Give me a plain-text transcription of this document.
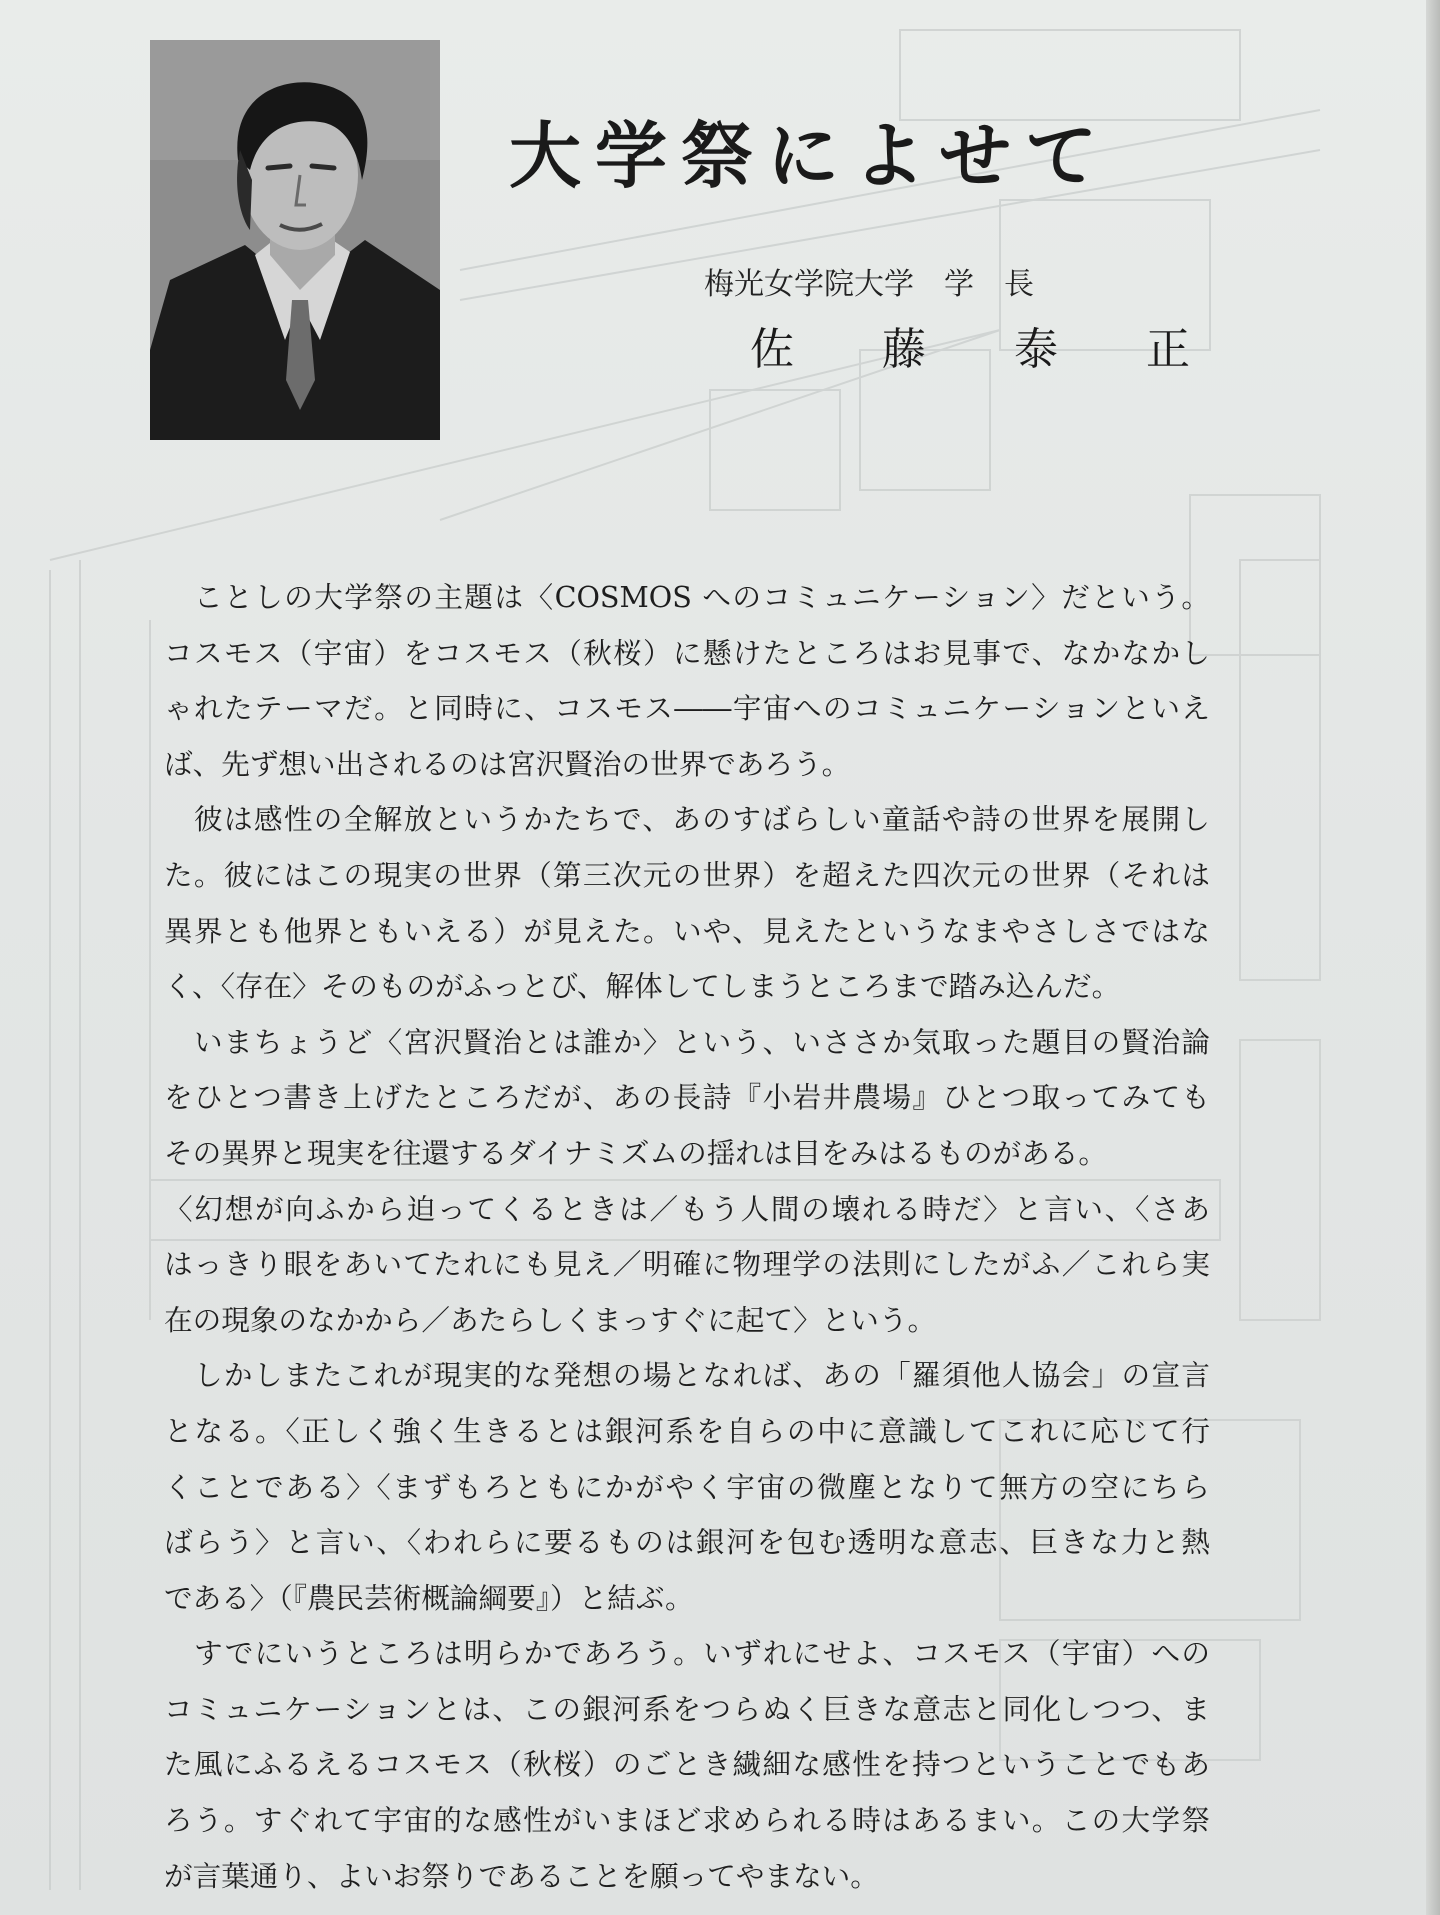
大学祭によせて
梅光女学院大学　学　長
佐 藤 泰 正
ことしの大学祭の主題は〈COSMOS へのコミュニケーション〉だという。
コスモス（宇宙）をコスモス（秋桜）に懸けたところはお見事で、なかなかし
ゃれたテーマだ。と同時に、コスモス――宇宙へのコミュニケーションといえ
ば、先ず想い出されるのは宮沢賢治の世界であろう。
彼は感性の全解放というかたちで、あのすばらしい童話や詩の世界を展開し
た。彼にはこの現実の世界（第三次元の世界）を超えた四次元の世界（それは
異界とも他界ともいえる）が見えた。いや、見えたというなまやさしさではな
く、〈存在〉そのものがふっとび、解体してしまうところまで踏み込んだ。
いまちょうど〈宮沢賢治とは誰か〉という、いささか気取った題目の賢治論
をひとつ書き上げたところだが、あの長詩『小岩井農場』ひとつ取ってみても
その異界と現実を往還するダイナミズムの揺れは目をみはるものがある。
〈幻想が向ふから迫ってくるときは／もう人間の壊れる時だ〉と言い、〈さあ
はっきり眼をあいてたれにも見え／明確に物理学の法則にしたがふ／これら実
在の現象のなかから／あたらしくまっすぐに起て〉という。
しかしまたこれが現実的な発想の場となれば、あの「羅須他人協会」の宣言
となる。〈正しく強く生きるとは銀河系を自らの中に意識してこれに応じて行
くことである〉〈まずもろともにかがやく宇宙の微塵となりて無方の空にちら
ばらう〉と言い、〈われらに要るものは銀河を包む透明な意志、巨きな力と熱
である〉（『農民芸術概論綱要』）と結ぶ。
すでにいうところは明らかであろう。いずれにせよ、コスモス（宇宙）への
コミュニケーションとは、この銀河系をつらぬく巨きな意志と同化しつつ、ま
た風にふるえるコスモス（秋桜）のごとき繊細な感性を持つということでもあ
ろう。すぐれて宇宙的な感性がいまほど求められる時はあるまい。この大学祭
が言葉通り、よいお祭りであることを願ってやまない。
